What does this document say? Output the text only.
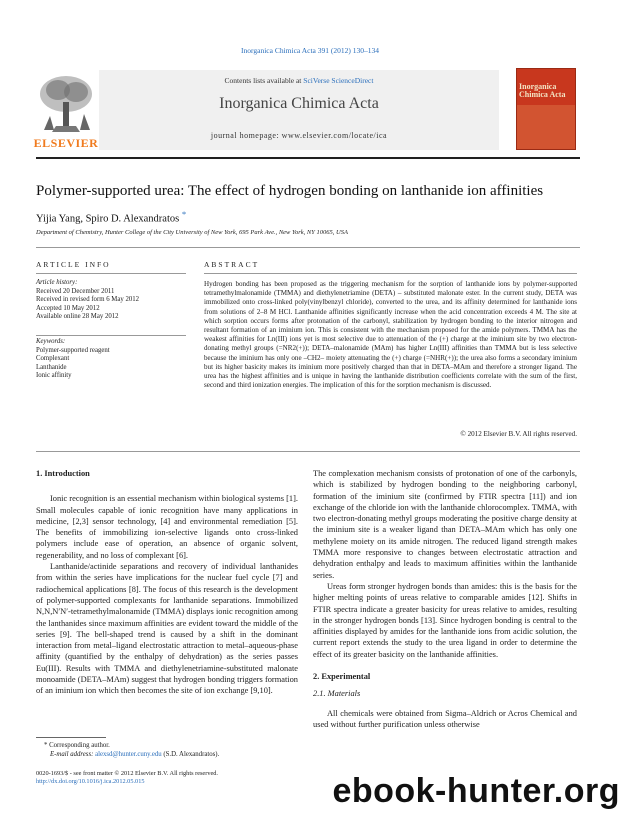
Inorganica Chimica Acta 391 (2012) 130–134
Contents lists available at SciVerse ScienceDirect
Inorganica Chimica Acta
journal homepage: www.elsevier.com/locate/ica
ELSEVIER
Inorganica Chimica Acta
Polymer-supported urea: The effect of hydrogen bonding on lanthanide ion affinities
Yijia Yang, Spiro D. Alexandratos *
Department of Chemistry, Hunter College of the City University of New York, 695 Park Ave., New York, NY 10065, USA
ARTICLE INFO
Article history:
Received 20 December 2011
Received in revised form 6 May 2012
Accepted 10 May 2012
Available online 28 May 2012
Keywords:
Polymer-supported reagent
Complexant
Lanthanide
Ionic affinity
ABSTRACT
Hydrogen bonding has been proposed as the triggering mechanism for the sorption of lanthanide ions by polymer-supported tetramethylmalonamide (TMMA) and diethylenetriamine (DETA) – substituted malonate ester. In the current study, DETA was immobilized onto cross-linked poly(vinylbenzyl chloride), converted to the urea, and its affinity determined for lanthanide ions from solutions of 2–8 M HCl. Lanthanide affinities significantly increase when the acid concentration exceeds 4 M. The site at which sorption occurs forms after protonation of the carbonyl, stabilization by hydrogen bonding to the interior nitrogen and resultant formation of an iminium ion. This is consistent with the mechanism proposed for the amide polymers. TMMA has the weakest affinities for Ln(III) ions yet is most selective due to attenuation of the (+) charge at the iminium site by two electron-donating methyl groups (=NR2(+)); DETA–malonamide (MAm) has higher Ln(III) affinities than TMMA but is less selective because the iminium has only one –CH2– moiety attenuating the (+) charge (=NHR(+)); the urea also forms a secondary iminium but its higher basicity makes its iminium more positively charged than that in DETA–MAm and therefore a stronger ligand. The urea has the highest affinities and is unique in having the lanthanide distribution coefficients correlate with the sum of the first, second and third ionization energies. The implication of this for the sorption mechanism is discussed.
© 2012 Elsevier B.V. All rights reserved.

1. Introduction

Ionic recognition is an essential mechanism within biological systems [1]. Small molecules capable of ionic recognition have many applications in medicine, [2,3] sensor technology, [4] and environmental remediation [5]. The benefits of immobilizing ion-selective ligands onto cross-linked polymers include ease of operation, an absence of organic solvent, regenerability, and no loss of complexant [6].

Lanthanide/actinide separations and recovery of individual lanthanides from within the series have implications for the nuclear fuel cycle [7] and radiochemical applications [8]. The focus of this research is the development of polymer-supported complexants for lanthanide separations. Immobilized N,N,N′N′-tetramethylmalonamide (TMMA) displays ionic recognition among the lanthanides since maximum affinities are evident toward the middle of the series [9]. The bell-shaped trend is caused by a shift in the dominant interaction from metal–ligand electrostatic attraction to metal–aqueous-phase affinity (quantified by the enthalpy of dehydration) as the series passes Eu(III). Results with TMMA and diethylenetriamine-substituted malonate monoamide (DETA–MAm) suggest that hydrogen bonding triggers formation of an iminium ion which then becomes the site of ion exchange [9,10].

The complexation mechanism consists of protonation of one of the carbonyls, which is stabilized by hydrogen bonding to the neighboring carbonyl, formation of the iminium site (confirmed by FTIR spectra [11]) and ion exchange of the chloride ion with the lanthanide chlorocomplex. TMMA, with two electron-donating methyl groups moderating the positive charge density at the iminium site is a weaker ligand than DETA–MAm which has only one methylene moiety on its amide nitrogen. The reduced ligand strength makes TMMA more responsive to changes between electrostatic attraction and dehydration enthalpy and leads to maximum affinities within the lanthanide series.

Ureas form stronger hydrogen bonds than amides: this is the basis for the higher melting points of ureas relative to comparable amides [12]. Shifts in FTIR spectra indicate a greater basicity for ureas relative to amides, resulting in the stronger hydrogen bonds [13]. Since hydrogen bonding is central to the affinities displayed by amides for the lanthanide ions from acidic solution, the current report extends the study to the urea ligand in order to determine the effect of its greater basicity on the lanthanide affinities.

2. Experimental

2.1. Materials

All chemicals were obtained from Sigma–Aldrich or Acros Chemical and used without further purification unless otherwise

* Corresponding author.
E-mail address: alexsd@hunter.cuny.edu (S.D. Alexandratos).
0020-1693/$ - see front matter © 2012 Elsevier B.V. All rights reserved.
http://dx.doi.org/10.1016/j.ica.2012.05.015	ebook-hunter.org
